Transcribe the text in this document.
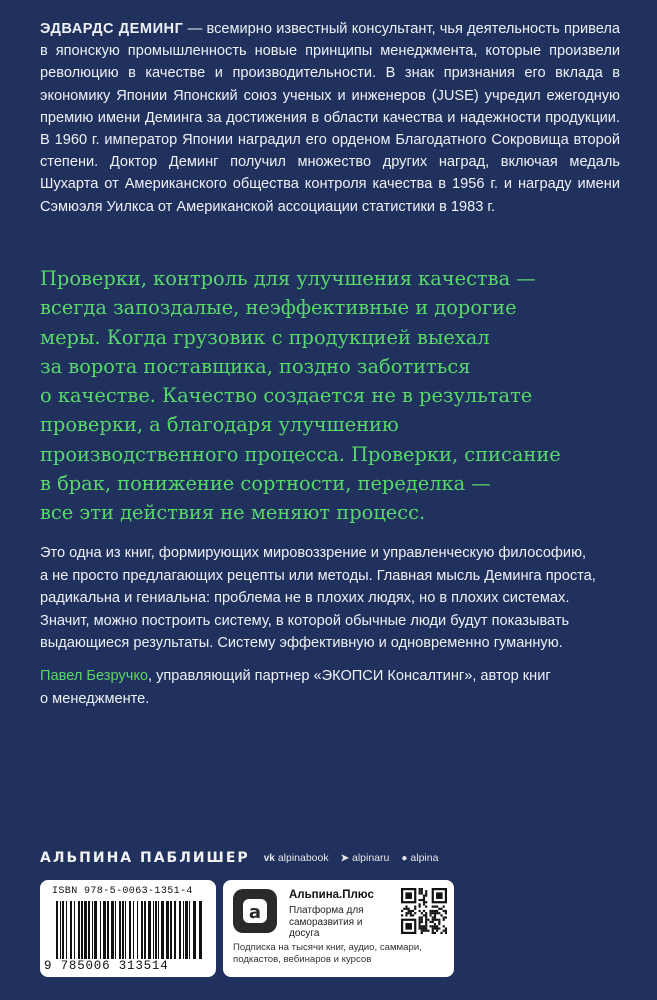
ЭДВАРДС ДЕМИНГ — всемирно известный консультант, чья деятельность привела в японскую промышленность новые принципы менеджмента, которые произвели революцию в качестве и производительности. В знак признания его вклада в экономику Японии Японский союз ученых и инженеров (JUSE) учредил ежегодную премию имени Деминга за достижения в области качества и надежности продукции. В 1960 г. император Японии наградил его орденом Благодатного Сокровища второй степени. Доктор Деминг получил множество других наград, включая медаль Шухарта от Американского общества контроля качества в 1956 г. и награду имени Сэмюэля Уилкса от Американской ассоциации статистики в 1983 г.

Проверки, контроль для улучшения качества —

всегда запоздалые, неэффективные и дорогие

меры. Когда грузовик с продукцией выехал

за ворота поставщика, поздно заботиться

о качестве. Качество создается не в результате

проверки, а благодаря улучшению

производственного процесса. Проверки, списание

в брак, понижение сортности, переделка —

все эти действия не меняют процесс.

Это одна из книг, формирующих мировоззрение и управленческую философию,

а не просто предлагающих рецепты или методы. Главная мысль Деминга проста,

радикальна и гениальна: проблема не в плохих людях, но в плохих системах.

Значит, можно построить систему, в которой обычные люди будут показывать

выдающиеся результаты. Систему эффективную и одновременно гуманную.

Павел Безручко, управляющий партнер «ЭКОПСИ Консалтинг», автор книг
о менеджменте.
АЛЬПИНА ПАБЛИШЕР vk alpinabook ➤ alpinaru ● alpina
ISBN 978-5-0063-1351-4
9 785006 313514
a
Альпина.Плюс
Платформа для саморазвития и досуга
Подписка на тысячи книг, аудио, саммари, подкастов, вебинаров и курсов
